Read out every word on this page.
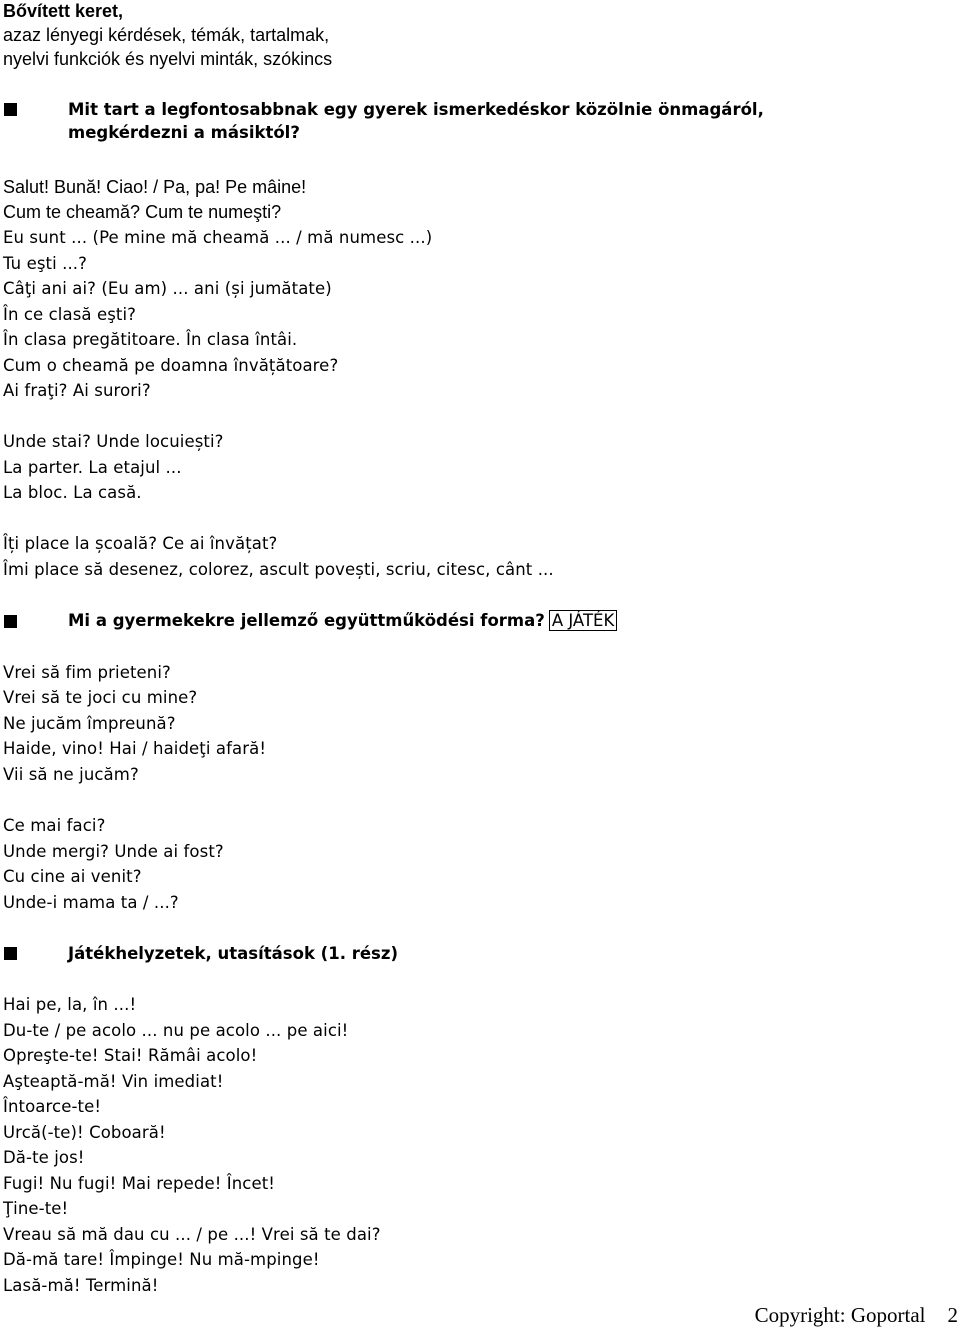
Bővített keret,
azaz lényegi kérdések, témák, tartalmak,
nyelvi funkciók és nyelvi minták, szókincs
Mit tart a legfontosabbnak egy gyerek ismerkedéskor közölnie önmagáról,
megkérdezni a másiktól?
Salut! Bună! Ciao! / Pa, pa! Pe mâine!
Cum te cheamă? Cum te numeşti?
Eu sunt ... (Pe mine mă cheamă ... / mă numesc ...)
Tu eşti ...?
Câţi ani ai? (Eu am) ... ani (și jumătate)
În ce clasă eşti?
În clasa pregătitoare. În clasa întâi.
Cum o cheamă pe doamna învățătoare?
Ai fraţi? Ai surori?
Unde stai? Unde locuiești?
La parter. La etajul ...
La bloc. La casă.
Îți place la școală? Ce ai învățat?
Îmi place să desenez, colorez, ascult povești, scriu, citesc, cânt ...
Mi a gyermekekre jellemző együttműködési forma? A JÁTÉK
Vrei să fim prieteni?
Vrei să te joci cu mine?
Ne jucăm împreună?
Haide, vino! Hai / haideţi afară!
Vii să ne jucăm?
Ce mai faci?
Unde mergi? Unde ai fost?
Cu cine ai venit?
Unde-i mama ta / ...?
Játékhelyzetek, utasítások (1. rész)
Hai pe, la, în ...!
Du-te / pe acolo ... nu pe acolo ... pe aici!
Opreşte-te! Stai! Rămâi acolo!
Aşteaptă-mă! Vin imediat!
Întoarce-te!
Urcă(-te)! Coboară!
Dă-te jos!
Fugi! Nu fugi! Mai repede! Încet!
Ţine-te!
Vreau să mă dau cu ... / pe ...! Vrei să te dai?
Dă-mă tare! Împinge! Nu mă-mpinge!
Lasă-mă! Termină!
Copyright: Goportal 2
